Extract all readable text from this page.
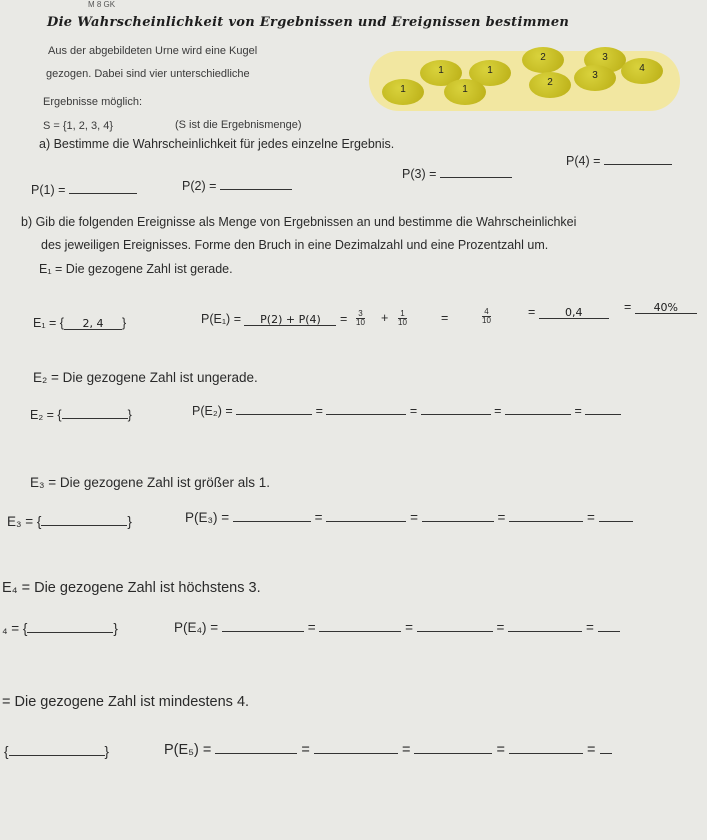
M 8 GK
Die Wahrscheinlichkeit von Ergebnissen und Ereignissen bestimmen
Aus der abgebildeten Urne wird eine Kugel
gezogen. Dabei sind vier unterschiedliche
Ergebnisse möglich:
S = {1, 2, 3, 4}	(S ist die Ergebnismenge)
1	1
2	3
4
3
2
1
1
a) Bestimme die Wahrscheinlichkeit für jedes einzelne Ergebnis.
P(1) =	P(2) =
P(3) =
P(4) =
b) Gib die folgenden Ereignisse als Menge von Ergebnissen an und bestimme die Wahrscheinlichkei
des jeweiligen Ereignisses. Forme den Bruch in eine Dezimalzahl und eine Prozentzahl um.
E₁ = Die gezogene Zahl ist gerade.
E₁ = { 2, 4 }	$P(E_1) = P(2) + P(4) = \frac{3}{10} + \frac{1}{10}$	=	$\frac{4}{10}$	=	0,4	= 40%
E₂ = Die gezogene Zahl ist ungerade.
E₂ = {	}	P(E₂) =	=	=	=	=
E₃ = Die gezogene Zahl ist größer als 1.
E₃ = {	}	P(E₃) =	=	=	=	=
E₄ = Die gezogene Zahl ist höchstens 3.
₄ = {	}	P(E₄) =	=	=	=	=
= Die gezogene Zahl ist mindestens 4.
{	}	P(E₅) =	=	=	=	=
